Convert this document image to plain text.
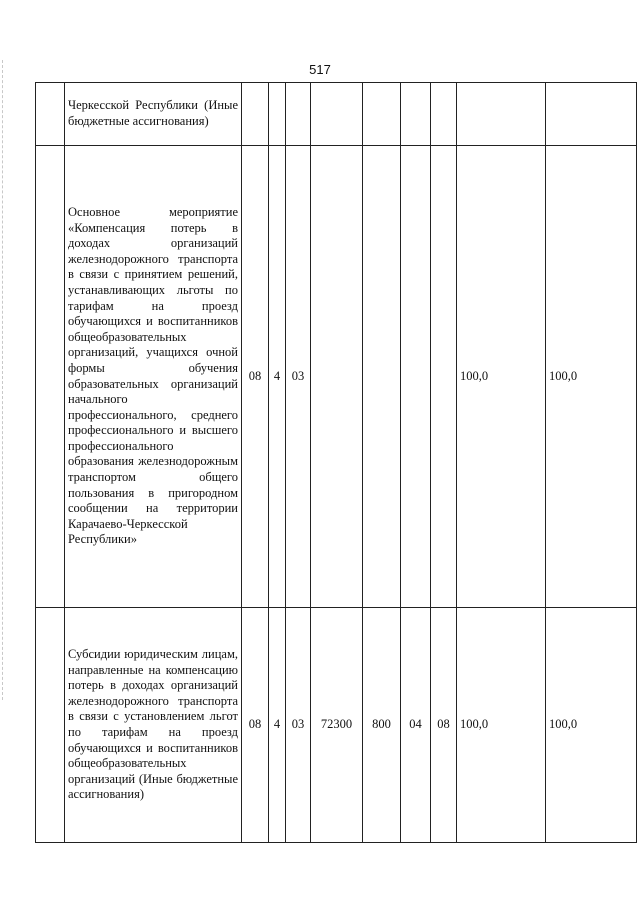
517

	Черкесской Республики (Иные бюджетные ассигнования)									

	Основное мероприятие «Компенсация потерь в доходах организаций железнодорожного транспорта в связи с принятием решений, устанавливающих льготы по тарифам на проезд обучающихся и воспитанников общеобразовательных организаций, учащихся очной формы обучения образовательных организаций начального профессионального, среднего профессионального и высшего профессионального образования железнодорожным транспортом общего пользования в пригородном сообщении на территории Карачаево-Черкесской Республики»	08	4	03					100,0	100,0

	Субсидии юридическим лицам, направленные на компенсацию потерь в доходах организаций железнодорожного транспорта в связи с установлением льгот по тарифам на проезд обучающихся и воспитанников общеобразовательных организаций (Иные бюджетные ассигнования)	08	4	03	72300	800	04	08	100,0	100,0
